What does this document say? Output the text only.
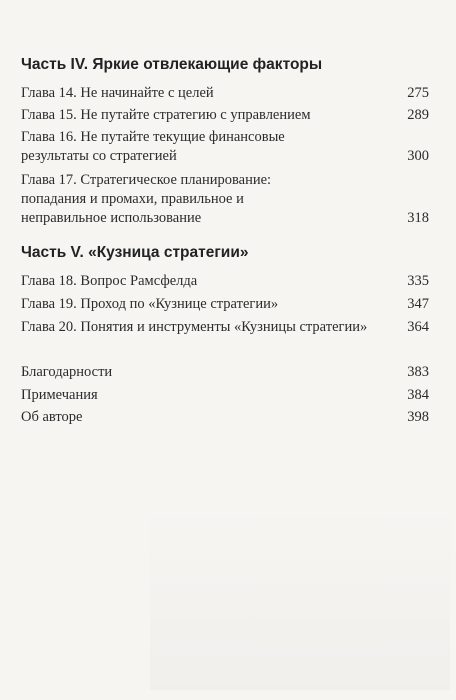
Часть IV. Яркие отвлекающие факторы
Глава 14. Не начинайте с целей	275
Глава 15. Не путайте стратегию с управлением	289
Глава 16. Не путайте текущие финансовые результаты со стратегией	300
Глава 17. Стратегическое планирование: попадания и промахи, правильное и неправильное использование	318
Часть V. «Кузница стратегии»
Глава 18. Вопрос Рамсфелда	335
Глава 19. Проход по «Кузнице стратегии»	347
Глава 20. Понятия и инструменты «Кузницы стратегии»	364
Благодарности	383
Примечания	384
Об авторе	398
